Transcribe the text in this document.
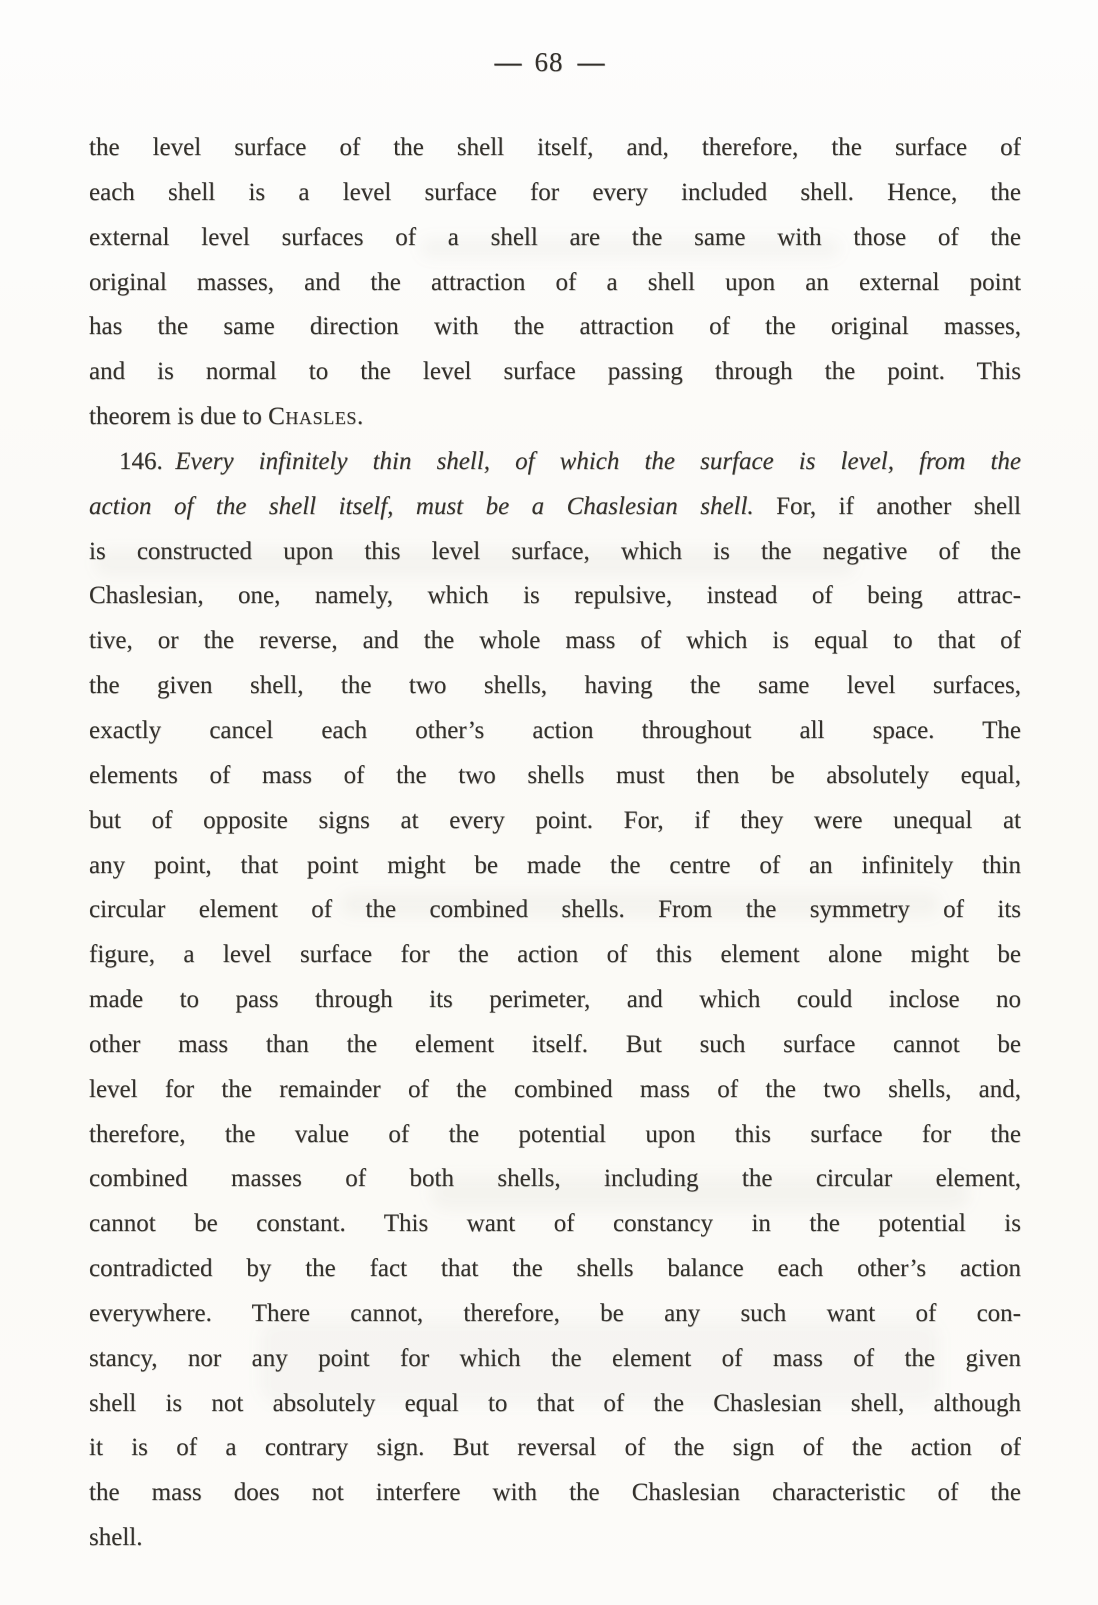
— 68 —
the level surface of the shell itself, and, therefore, the surface of
each shell is a level surface for every included shell. Hence, the
external level surfaces of a shell are the same with those of the
original masses, and the attraction of a shell upon an external point
has the same direction with the attraction of the original masses,
and is normal to the level surface passing through the point. This
theorem is due to Chasles.
146. Every infinitely thin shell, of which the surface is level, from the
action of the shell itself, must be a Chaslesian shell. For, if another shell
is constructed upon this level surface, which is the negative of the
Chaslesian, one, namely, which is repulsive, instead of being attrac-
tive, or the reverse, and the whole mass of which is equal to that of
the given shell, the two shells, having the same level surfaces,
exactly cancel each other’s action throughout all space. The
elements of mass of the two shells must then be absolutely equal,
but of opposite signs at every point. For, if they were unequal at
any point, that point might be made the centre of an infinitely thin
circular element of the combined shells. From the symmetry of its
figure, a level surface for the action of this element alone might be
made to pass through its perimeter, and which could inclose no
other mass than the element itself. But such surface cannot be
level for the remainder of the combined mass of the two shells, and,
therefore, the value of the potential upon this surface for the
combined masses of both shells, including the circular element,
cannot be constant. This want of constancy in the potential is
contradicted by the fact that the shells balance each other’s action
everywhere. There cannot, therefore, be any such want of con-
stancy, nor any point for which the element of mass of the given
shell is not absolutely equal to that of the Chaslesian shell, although
it is of a contrary sign. But reversal of the sign of the action of
the mass does not interfere with the Chaslesian characteristic of the
shell.
